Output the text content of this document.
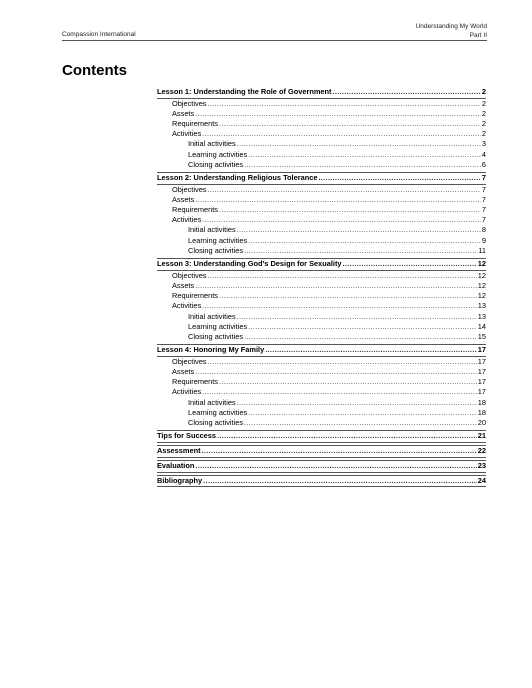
Compassion International
Understanding My World
Part II
Contents
Lesson 1: Understanding the Role of Government .....	2
Objectives .....	2
Assets .....	2
Requirements .....	2
Activities .....	2
Initial activities .....	3
Learning activities .....	4
Closing activities .....	6
Lesson 2: Understanding Religious Tolerance .....	7
Objectives .....	7
Assets .....	7
Requirements .....	7
Activities .....	7
Initial activities .....	8
Learning activities .....	9
Closing activities .....	11
Lesson 3: Understanding God’s Design for Sexuality .....	12
Objectives .....	12
Assets .....	12
Requirements .....	12
Activities .....	13
Initial activities .....	13
Learning activities .....	14
Closing activities .....	15
Lesson 4: Honoring My Family .....	17
Objectives .....	17
Assets .....	17
Requirements .....	17
Activities .....	17
Initial activities .....	18
Learning activities .....	18
Closing activities .....	20
Tips for Success .....	21
Assessment .....	22
Evaluation .....	23
Bibliography .....	24
